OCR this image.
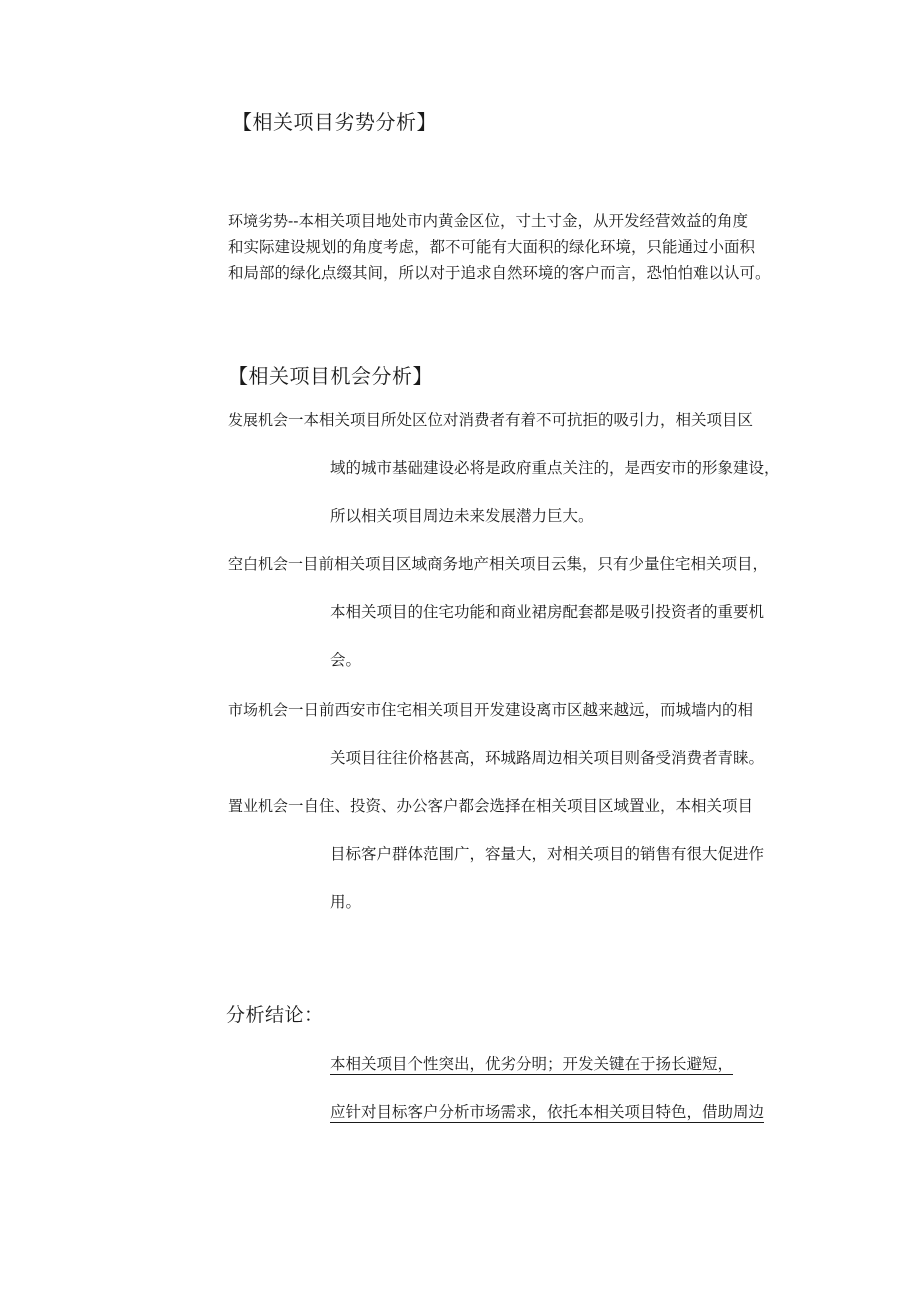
【相关项目劣势分析】
环境劣势--本相关项目地处市内黄金区位，寸土寸金，从开发经营效益的角度
和实际建设规划的角度考虑，都不可能有大面积的绿化环境，只能通过小面积
和局部的绿化点缀其间，所以对于追求自然环境的客户而言，恐怕怕难以认可。
【相关项目机会分析】
发展机会一本相关项目所处区位对消费者有着不可抗拒的吸引力，相关项目区
域的城市基础建设必将是政府重点关注的，是西安市的形象建设，
所以相关项目周边未来发展潜力巨大。
空白机会一目前相关项目区域商务地产相关项目云集，只有少量住宅相关项目，
本相关项目的住宅功能和商业裙房配套都是吸引投资者的重要机
会。
市场机会一日前西安市住宅相关项目开发建设离市区越来越远，而城墙内的相
关项目往往价格甚高，环城路周边相关项目则备受消费者青睐。
置业机会一自住、投资、办公客户都会选择在相关项目区域置业，本相关项目
目标客户群体范围广，容量大，对相关项目的销售有很大促进作
用。
分析结论：
本相关项目个性突出，优劣分明；开发关键在于扬长避短，
应针对目标客户分析市场需求，依托本相关项目特色，借助周边
